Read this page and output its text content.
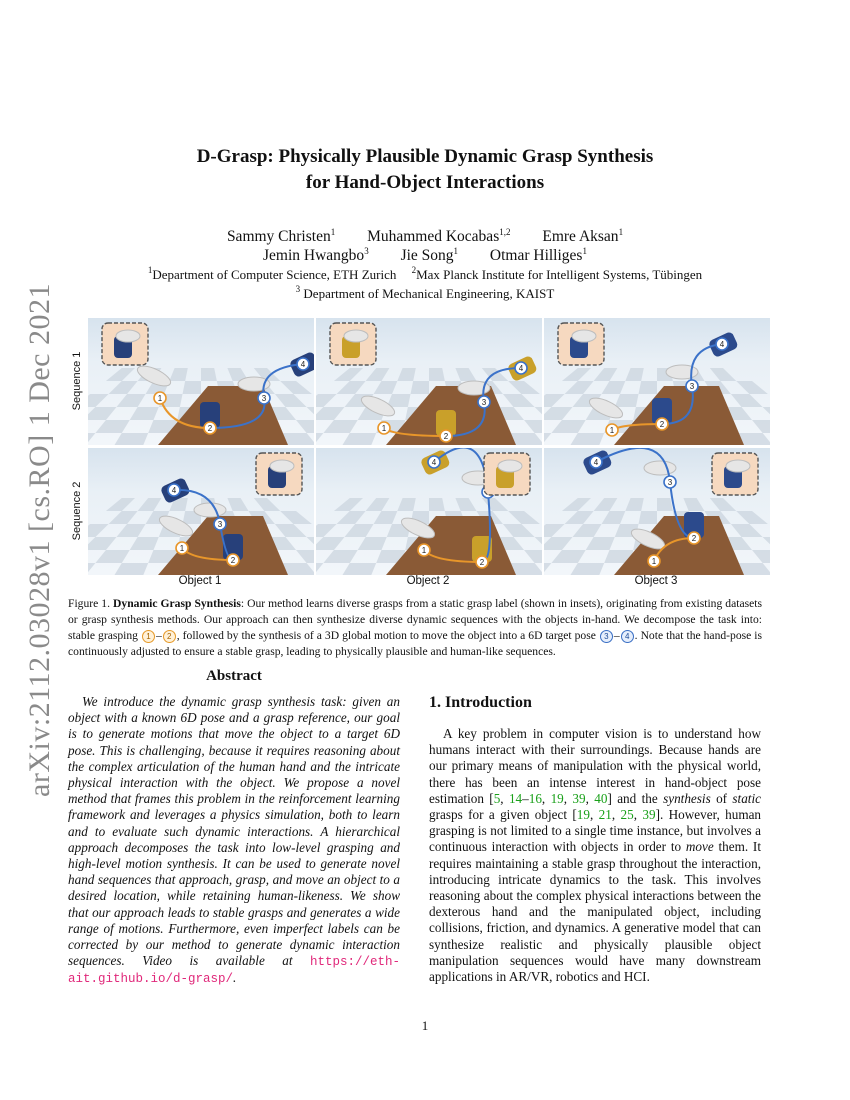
arXiv:2112.03028v1 [cs.RO] 1 Dec 2021
D-Grasp: Physically Plausible Dynamic Grasp Synthesis
for Hand-Object Interactions
Sammy Christen$^1$ Muhammed Kocabas$^{1,2}$ Emre Aksan$^1$
Jemin Hwangbo$^3$ Jie Song$^1$ Otmar Hilliges$^1$
$^1$Department of Computer Science, ETH Zurich $^2$Max Planck Institute for Intelligent Systems, Tübingen
$^3$ Department of Mechanical Engineering, KAIST
Sequence 1
Sequence 2
1
2
3
4
1
2
3
4
1
2
3
4
1
2
3
4
1
2
4
1
2
3
4
Object 1	Object 2	Object 3
Figure 1. Dynamic Grasp Synthesis: Our method learns diverse grasps from a static grasp label (shown in insets), originating from existing datasets or grasp synthesis methods. Our approach can then synthesize diverse dynamic sequences with the objects in-hand. We decompose the task into: stable grasping 1 – 2 , followed by the synthesis of a 3D global motion to move the object into a 6D target pose 3 – 4 . Note that the hand-pose is continuously adjusted to ensure a stable grasp, leading to physically plausible and human-like sequences.
Abstract
We introduce the dynamic grasp synthesis task: given an object with a known 6D pose and a grasp reference, our goal is to generate motions that move the object to a target 6D pose. This is challenging, because it requires reasoning about the complex articulation of the human hand and the intricate physical interaction with the object. We propose a novel method that frames this problem in the reinforcement learning framework and leverages a physics simulation, both to learn and to evaluate such dynamic interactions. A hierarchical approach decomposes the task into low-level grasping and high-level motion synthesis. It can be used to generate novel hand sequences that approach, grasp, and move an object to a desired location, while retaining human-likeness. We show that our approach leads to stable grasps and generates a wide range of motions. Furthermore, even imperfect labels can be corrected by our method to generate dynamic interaction sequences. Video is available at https://eth-ait.github.io/d-grasp/.
1. Introduction
A key problem in computer vision is to understand how humans interact with their surroundings. Because hands are our primary means of manipulation with the physical world, there has been an intense interest in hand-object pose estimation [5, 14–16, 19, 39, 40] and the synthesis of static grasps for a given object [19, 21, 25, 39]. However, human grasping is not limited to a single time instance, but involves a continuous interaction with objects in order to move them. It requires maintaining a stable grasp throughout the interaction, introducing intricate dynamics to the task. This involves reasoning about the complex physical interactions between the dexterous hand and the manipulated object, including collisions, friction, and dynamics. A generative model that can synthesize realistic and physically plausible object manipulation sequences would have many downstream applications in AR/VR, robotics and HCI.
1
